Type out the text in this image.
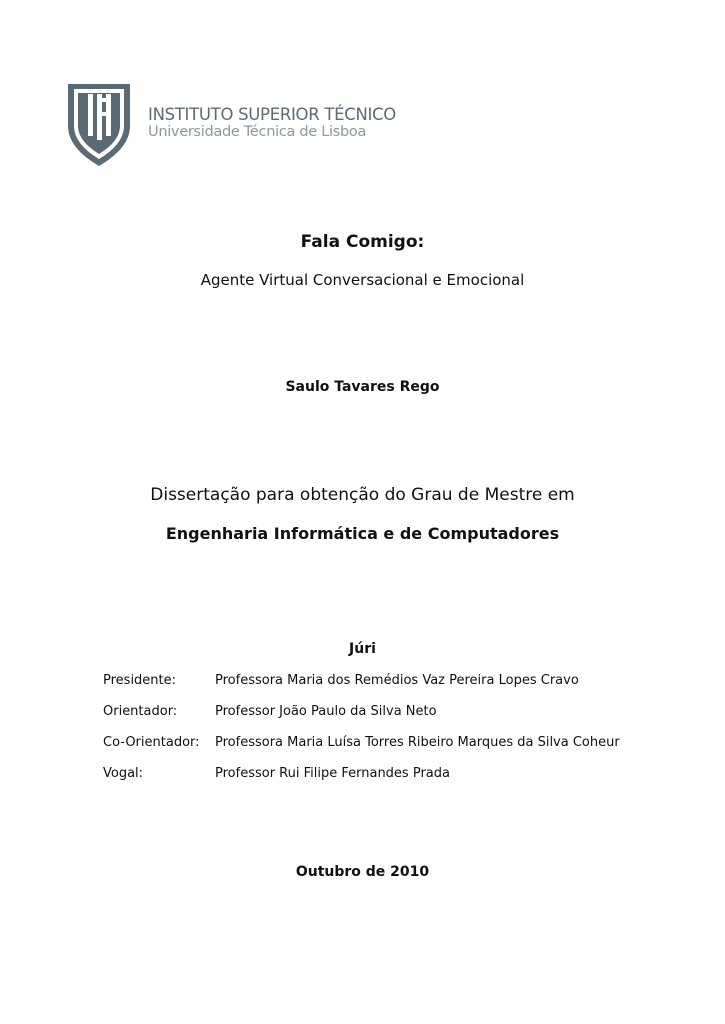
INSTITUTO SUPERIOR TÉCNICO
Universidade Técnica de Lisboa
Fala Comigo:
Agente Virtual Conversacional e Emocional
Saulo Tavares Rego
Dissertação para obtenção do Grau de Mestre em
Engenharia Informática e de Computadores
Júri
Presidente:	Professora Maria dos Remédios Vaz Pereira Lopes Cravo
Orientador:	Professor João Paulo da Silva Neto
Co-Orientador: Professora Maria Luísa Torres Ribeiro Marques da Silva Coheur
Vogal:	Professor Rui Filipe Fernandes Prada
Outubro de 2010
